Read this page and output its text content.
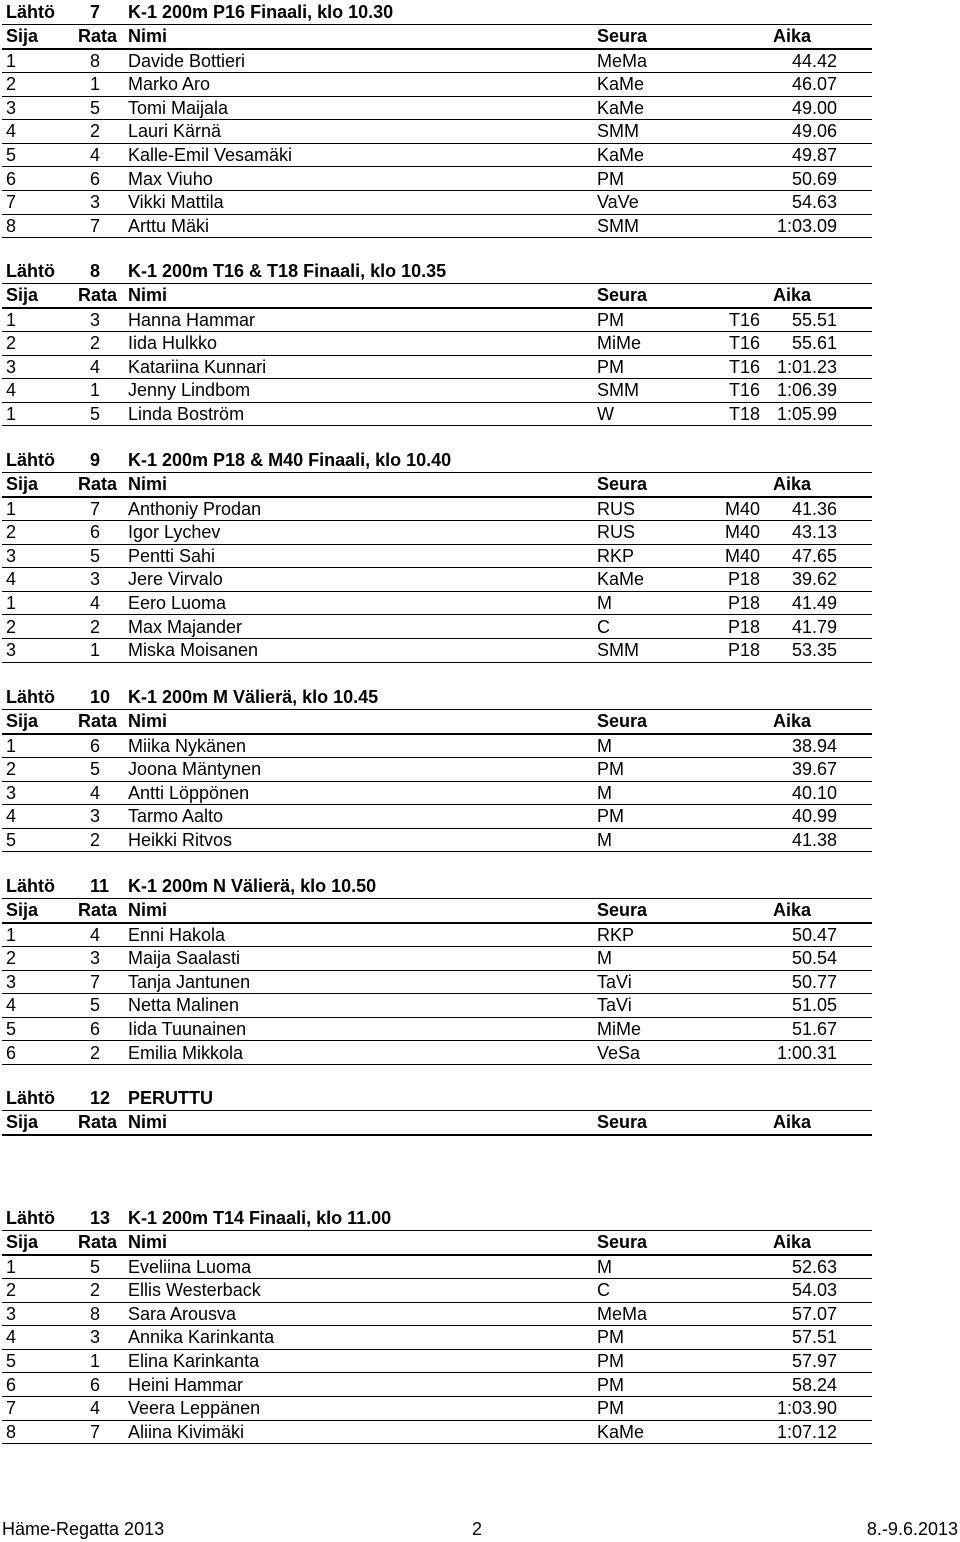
Lähtö 7 K-1 200m P16 Finaali, klo 10.30
Sija Rata Nimi	Seura	Aika
1	8 Davide Bottieri	MeMa	44.42
2	1 Marko Aro	KaMe	46.07
3	5 Tomi Maijala	KaMe	49.00
4	2 Lauri Kärnä	SMM	49.06
5	4 Kalle-Emil Vesamäki	KaMe	49.87
6	6 Max Viuho	PM	50.69
7	3 Vikki Mattila	VaVe	54.63
8	7 Arttu Mäki	SMM	1:03.09
Lähtö 8 K-1 200m T16 & T18 Finaali, klo 10.35
Sija Rata Nimi	Seura	Aika
1	3 Hanna Hammar	PM	T16	55.51
2	2 Iida Hulkko	MiMe	T16	55.61
3	4 Katariina Kunnari	PM	T16 1:01.23
4	1 Jenny Lindbom	SMM	T16 1:06.39
1	5 Linda Boström	W	T18 1:05.99
Lähtö 9 K-1 200m P18 & M40 Finaali, klo 10.40
Sija Rata Nimi	Seura	Aika
1	7 Anthoniy Prodan	RUS	M40	41.36
2	6 Igor Lychev	RUS	M40	43.13
3	5 Pentti Sahi	RKP	M40	47.65
4	3 Jere Virvalo	KaMe	P18	39.62
1	4 Eero Luoma	M	P18	41.49
2	2 Max Majander	C	P18	41.79
3	1 Miska Moisanen	SMM	P18	53.35
Lähtö 10 K-1 200m M Välierä, klo 10.45
Sija Rata Nimi	Seura	Aika
1	6 Miika Nykänen	M	38.94
2	5 Joona Mäntynen	PM	39.67
3	4 Antti Löppönen	M	40.10
4	3 Tarmo Aalto	PM	40.99
5	2 Heikki Ritvos	M	41.38
Lähtö 11 K-1 200m N Välierä, klo 10.50
Sija Rata Nimi	Seura	Aika
1	4 Enni Hakola	RKP	50.47
2	3 Maija Saalasti	M	50.54
3	7 Tanja Jantunen	TaVi	50.77
4	5 Netta Malinen	TaVi	51.05
5	6 Iida Tuunainen	MiMe	51.67
6	2 Emilia Mikkola	VeSa	1:00.31
Lähtö 12 PERUTTU
Sija Rata Nimi	Seura	Aika
Lähtö 13 K-1 200m T14 Finaali, klo 11.00
Sija Rata Nimi	Seura	Aika
1	5 Eveliina Luoma	M	52.63
2	2 Ellis Westerback	C	54.03
3	8 Sara Arousva	MeMa	57.07
4	3 Annika Karinkanta	PM	57.51
5	1 Elina Karinkanta	PM	57.97
6	6 Heini Hammar	PM	58.24
7	4 Veera Leppänen	PM	1:03.90
8	7 Aliina Kivimäki	KaMe	1:07.12
Häme-Regatta 2013	2	8.-9.6.2013
